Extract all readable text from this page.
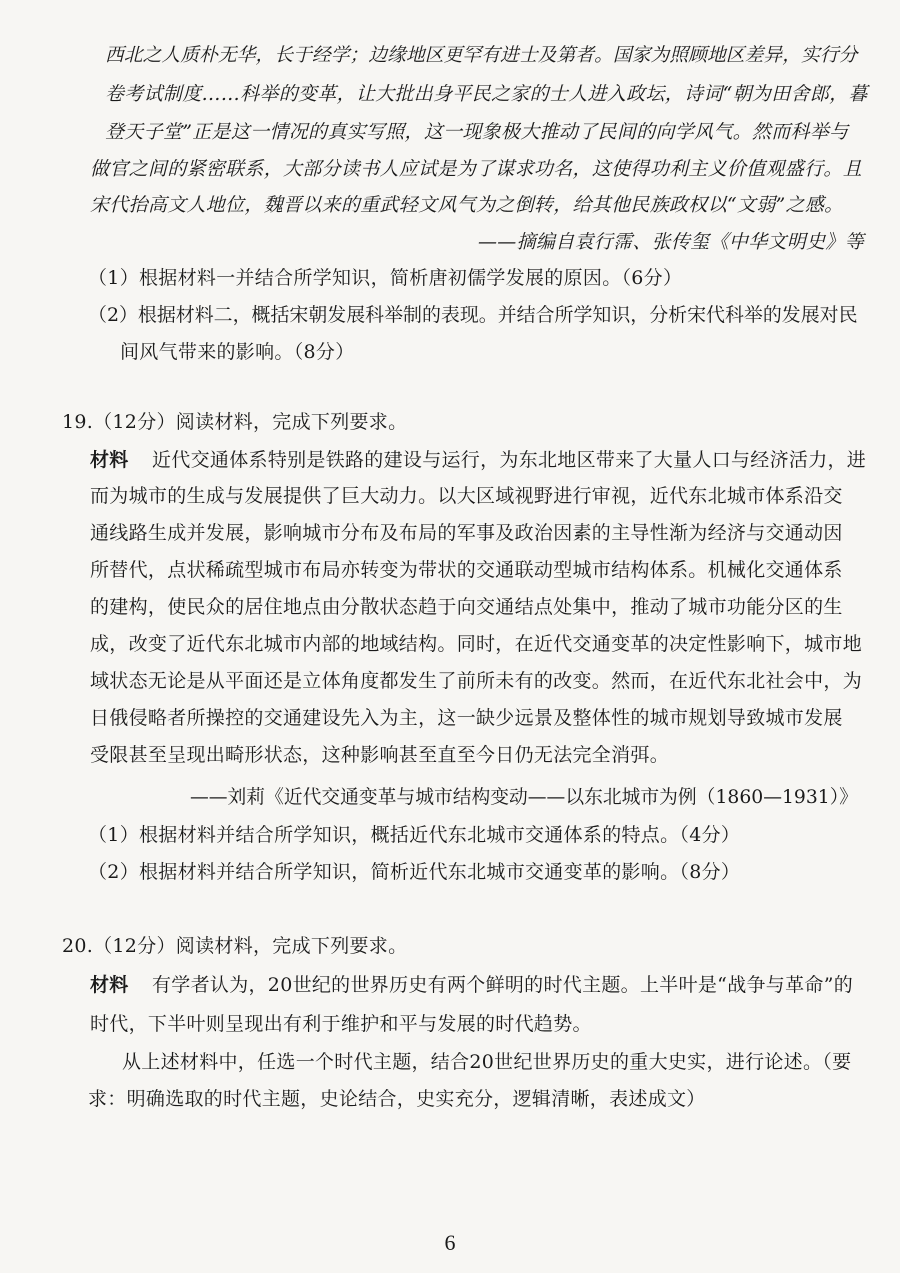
西北之人质朴无华，长于经学；边缘地区更罕有进士及第者。国家为照顾地区差异，实行分
卷考试制度……科举的变革，让大批出身平民之家的士人进入政坛，诗词“朝为田舍郎，暮
登天子堂”正是这一情况的真实写照，这一现象极大推动了民间的向学风气。然而科举与
做官之间的紧密联系，大部分读书人应试是为了谋求功名，这使得功利主义价值观盛行。且
宋代抬高文人地位，魏晋以来的重武轻文风气为之倒转，给其他民族政权以“文弱”之感。
——摘编自袁行霈、张传玺《中华文明史》等
（1）根据材料一并结合所学知识，简析唐初儒学发展的原因。（6分）
（2）根据材料二，概括宋朝发展科举制的表现。并结合所学知识，分析宋代科举的发展对民
间风气带来的影响。（8分）
19.（12分）阅读材料，完成下列要求。
材料 近代交通体系特别是铁路的建设与运行，为东北地区带来了大量人口与经济活力，进
而为城市的生成与发展提供了巨大动力。以大区域视野进行审视，近代东北城市体系沿交
通线路生成并发展，影响城市分布及布局的军事及政治因素的主导性渐为经济与交通动因
所替代，点状稀疏型城市布局亦转变为带状的交通联动型城市结构体系。机械化交通体系
的建构，使民众的居住地点由分散状态趋于向交通结点处集中，推动了城市功能分区的生
成，改变了近代东北城市内部的地域结构。同时，在近代交通变革的决定性影响下，城市地
域状态无论是从平面还是立体角度都发生了前所未有的改变。然而，在近代东北社会中，为
日俄侵略者所操控的交通建设先入为主，这一缺少远景及整体性的城市规划导致城市发展
受限甚至呈现出畸形状态，这种影响甚至直至今日仍无法完全消弭。
——刘莉《近代交通变革与城市结构变动——以东北城市为例（1860—1931）》
（1）根据材料并结合所学知识，概括近代东北城市交通体系的特点。（4分）
（2）根据材料并结合所学知识，简析近代东北城市交通变革的影响。（8分）
20.（12分）阅读材料，完成下列要求。
材料 有学者认为，20世纪的世界历史有两个鲜明的时代主题。上半叶是“战争与革命”的
时代，下半叶则呈现出有利于维护和平与发展的时代趋势。
从上述材料中，任选一个时代主题，结合20世纪世界历史的重大史实，进行论述。（要
求：明确选取的时代主题，史论结合，史实充分，逻辑清晰，表述成文）
6
